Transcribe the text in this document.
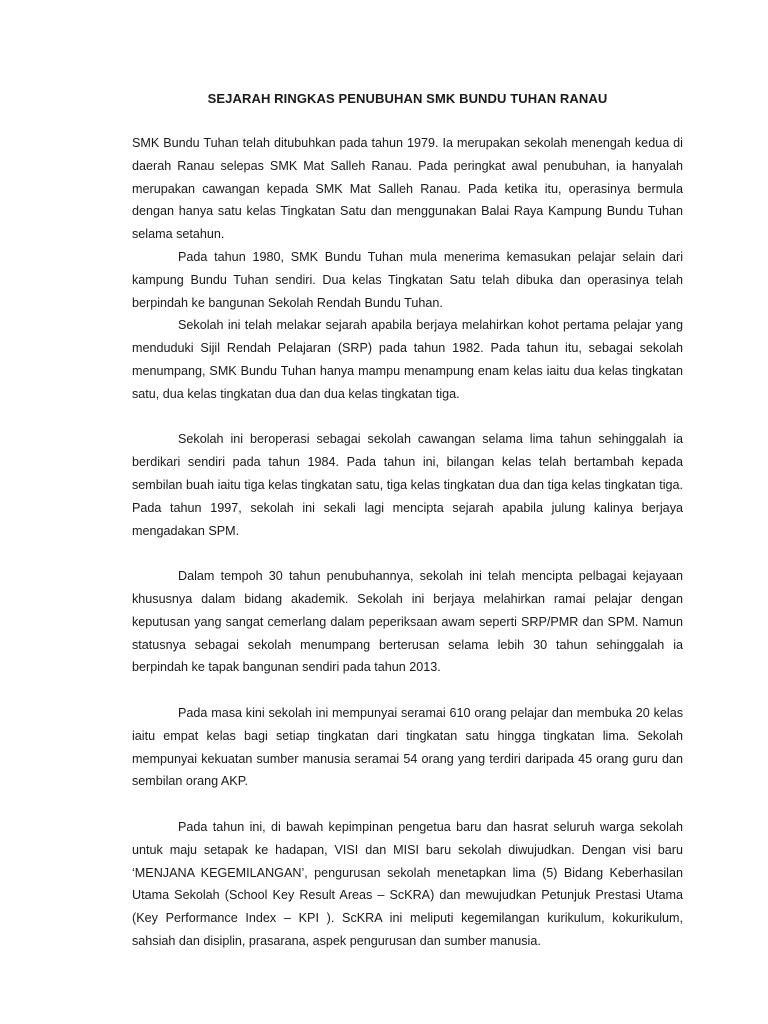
SEJARAH RINGKAS PENUBUHAN SMK BUNDU TUHAN RANAU

SMK Bundu Tuhan telah ditubuhkan pada tahun 1979. Ia merupakan sekolah menengah kedua di daerah Ranau selepas SMK Mat Salleh Ranau. Pada peringkat awal penubuhan, ia hanyalah merupakan cawangan kepada SMK Mat Salleh Ranau. Pada ketika itu, operasinya bermula dengan hanya satu kelas Tingkatan Satu dan menggunakan Balai Raya Kampung Bundu Tuhan selama setahun.

Pada tahun 1980, SMK Bundu Tuhan mula menerima kemasukan pelajar selain dari kampung Bundu Tuhan sendiri. Dua kelas Tingkatan Satu telah dibuka dan operasinya telah berpindah ke bangunan Sekolah Rendah Bundu Tuhan.

Sekolah ini telah melakar sejarah apabila berjaya melahirkan kohot pertama pelajar yang menduduki Sijil Rendah Pelajaran (SRP) pada tahun 1982. Pada tahun itu, sebagai sekolah menumpang, SMK Bundu Tuhan hanya mampu menampung enam kelas iaitu dua kelas tingkatan satu, dua kelas tingkatan dua dan dua kelas tingkatan tiga.

Sekolah ini beroperasi sebagai sekolah cawangan selama lima tahun sehinggalah ia berdikari sendiri pada tahun 1984. Pada tahun ini, bilangan kelas telah bertambah kepada sembilan buah iaitu tiga kelas tingkatan satu, tiga kelas tingkatan dua dan tiga kelas tingkatan tiga. Pada tahun 1997, sekolah ini sekali lagi mencipta sejarah apabila julung kalinya berjaya mengadakan SPM.

Dalam tempoh 30 tahun penubuhannya, sekolah ini telah mencipta pelbagai kejayaan khususnya dalam bidang akademik. Sekolah ini berjaya melahirkan ramai pelajar dengan keputusan yang sangat cemerlang dalam peperiksaan awam seperti SRP/PMR dan SPM. Namun statusnya sebagai sekolah menumpang berterusan selama lebih 30 tahun sehinggalah ia berpindah ke tapak bangunan sendiri pada tahun 2013.

Pada masa kini sekolah ini mempunyai seramai 610 orang pelajar dan membuka 20 kelas iaitu empat kelas bagi setiap tingkatan dari tingkatan satu hingga tingkatan lima. Sekolah mempunyai kekuatan sumber manusia seramai 54 orang yang terdiri daripada 45 orang guru dan sembilan orang AKP.

Pada tahun ini, di bawah kepimpinan pengetua baru dan hasrat seluruh warga sekolah untuk maju setapak ke hadapan, VISI dan MISI baru sekolah diwujudkan. Dengan visi baru ‘MENJANA KEGEMILANGAN’, pengurusan sekolah menetapkan lima (5) Bidang Keberhasilan Utama Sekolah (School Key Result Areas – ScKRA) dan mewujudkan Petunjuk Prestasi Utama (Key Performance Index – KPI ). ScKRA ini meliputi kegemilangan kurikulum, kokurikulum, sahsiah dan disiplin, prasarana, aspek pengurusan dan sumber manusia.
